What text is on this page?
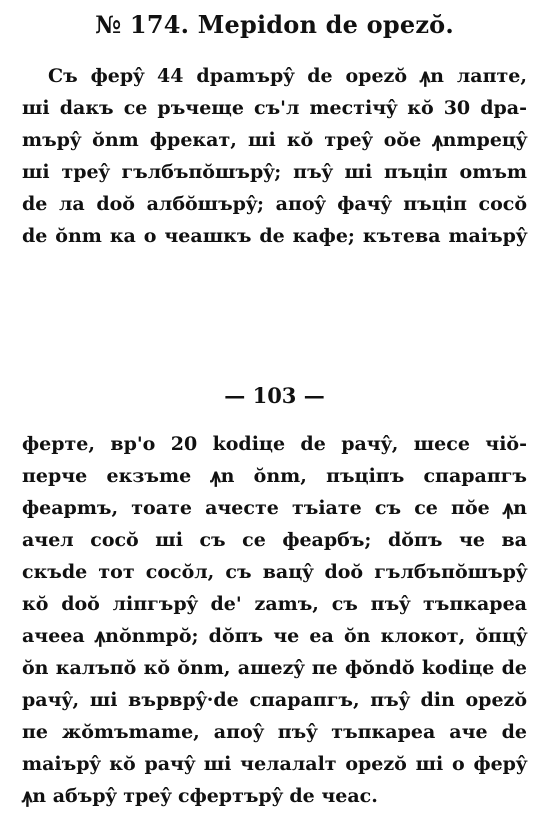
№ 174. Mepidon de opezŏ.
Съ ферŷ 44 dpamъpŷ de opezŏ ꙟn лапте,
шi daкъ се ръчеще съ'л mестiчŷ кŏ 30 dpa-
mъpŷ ŏnm фpeкат, шi кŏ тpeŷ oŏe ꙟnmpeцŷ
шi тpeŷ гълбъпŏшърŷ; пъŷ шi пъцiп omъm
de ла doŏ албŏшърŷ; апоŷ фачŷ пъцiп cocŏ
de ŏnm ка о чеашкъ de кафе; кътева maiъpŷ
— 103 —
ферте, вр'о 20 kodiцe de рачŷ, шесе чiŏ-
перче екзъmе ꙟn ŏnm, пъцiпъ спарапгъ
феарmъ, тоате ачесте тъiате съ се пŏe ꙟn
ачел cocŏ шi съ се феарбъ; dŏпъ че ва
скъde тот cocŏл, съ вацŷ doŏ гълбъпŏшърŷ
кŏ doŏ лiпгърŷ de' zamъ, съ пъŷ тъпкареа
ачеea ꙟnŏnmpŏ; dŏпъ че еа ŏn клокот, ŏпцŷ
ŏn калъпŏ кŏ ŏnm, ашеzŷ пе фŏndŏ kodiцe de
рачŷ, шi върврŷ·de спарапгъ, пъŷ din opezŏ
пе жŏmъmamе, апоŷ пъŷ тъпкареа аче de
maiъpŷ кŏ рачŷ шi челалаlт opezŏ шi о ферŷ
ꙟn абърŷ тpeŷ сфертърŷ de чеас.
